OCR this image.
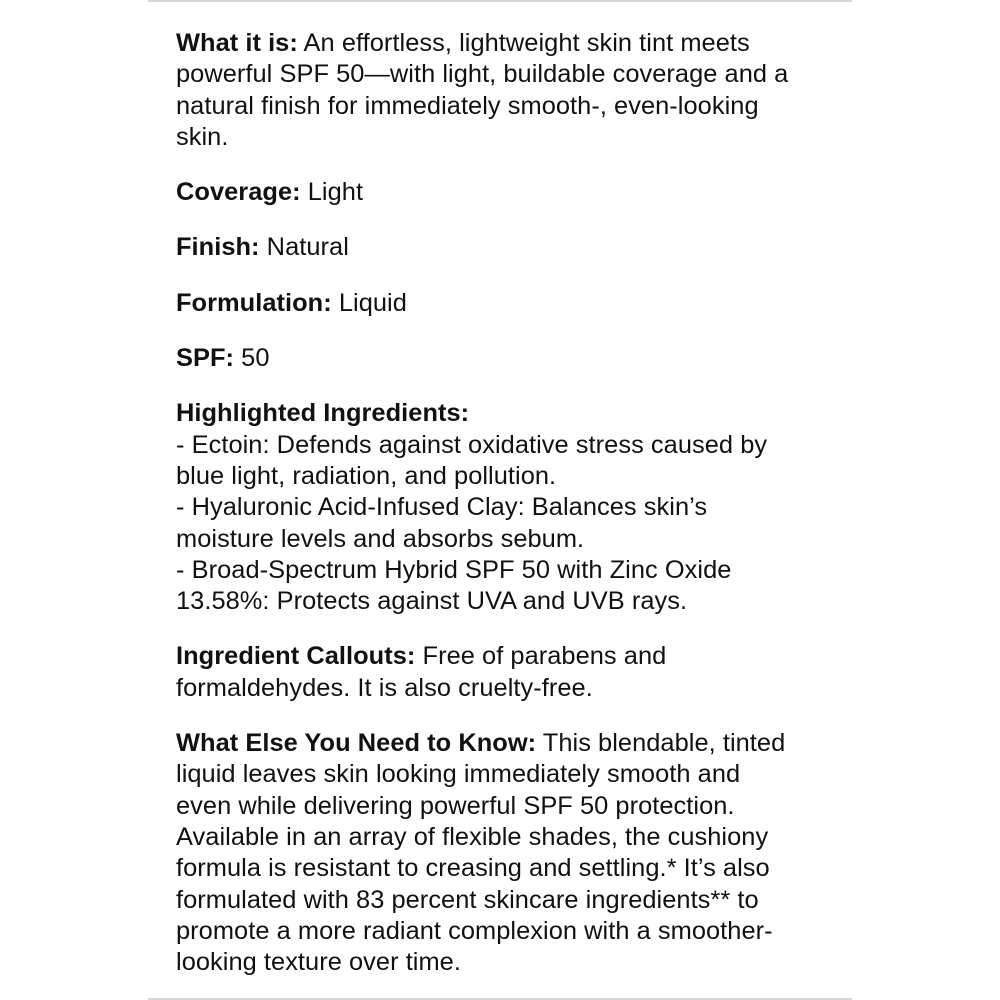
What it is: An effortless, lightweight skin tint meets
powerful SPF 50—with light, buildable coverage and a
natural finish for immediately smooth-, even-looking
skin.
Coverage: Light
Finish: Natural
Formulation: Liquid
SPF: 50
Highlighted Ingredients:
- Ectoin: Defends against oxidative stress caused by
blue light, radiation, and pollution.
- Hyaluronic Acid-Infused Clay: Balances skin’s
moisture levels and absorbs sebum.
- Broad-Spectrum Hybrid SPF 50 with Zinc Oxide
13.58%: Protects against UVA and UVB rays.
Ingredient Callouts: Free of parabens and
formaldehydes. It is also cruelty-free.
What Else You Need to Know: This blendable, tinted
liquid leaves skin looking immediately smooth and
even while delivering powerful SPF 50 protection.
Available in an array of flexible shades, the cushiony
formula is resistant to creasing and settling.* It’s also
formulated with 83 percent skincare ingredients** to
promote a more radiant complexion with a smoother-
looking texture over time.
